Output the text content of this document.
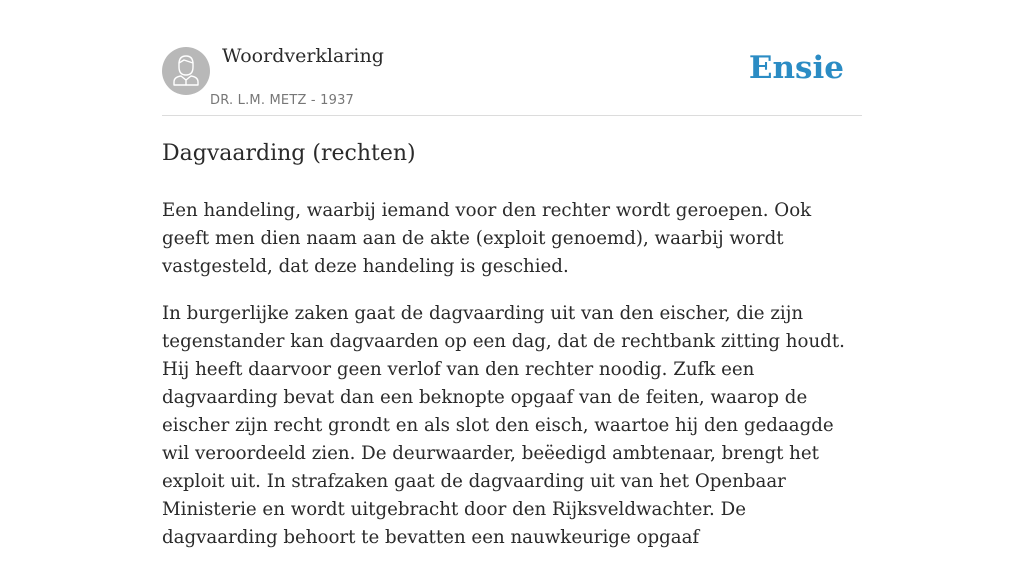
Woordverklaring
DR. L.M. METZ - 1937
Ensie
Dagvaarding (rechten)

Een handeling, waarbij iemand voor den rechter wordt geroepen. Ook geeft men dien naam aan de akte (exploit genoemd), waarbij wordt vastgesteld, dat deze handeling is geschied.

In burgerlijke zaken gaat de dagvaarding uit van den eischer, die zijn tegenstander kan dagvaarden op een dag, dat de rechtbank zitting houdt. Hij heeft daarvoor geen verlof van den rechter noodig. Zufk een dagvaarding bevat dan een beknopte opgaaf van de feiten, waarop de eischer zijn recht grondt en als slot den eisch, waartoe hij den gedaagde wil veroordeeld zien. De deurwaarder, beëedigd ambtenaar, brengt het exploit uit. In strafzaken gaat de dagvaarding uit van het Openbaar Ministerie en wordt uitgebracht door den Rijksveldwachter. De dagvaarding behoort te bevatten een nauwkeurige opgaaf
